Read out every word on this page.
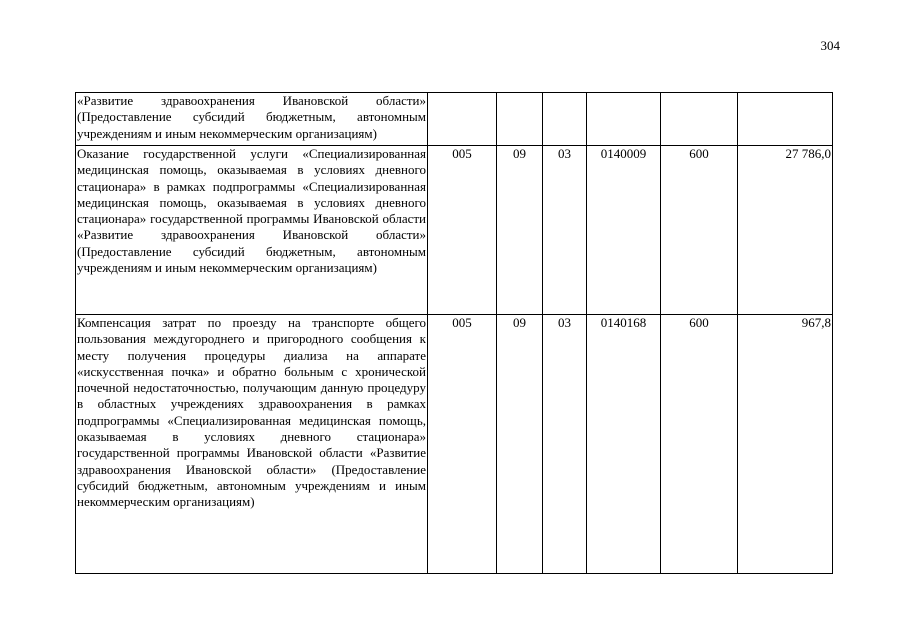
304
«Развитие здравоохранения Ивановской области» (Предоставление субсидий бюджетным, автономным учреждениям и иным некоммерческим организациям)						
Оказание государственной услуги «Специализированная медицинская помощь, оказываемая в условиях дневного стационара» в рамках подпрограммы «Специализированная медицинская помощь, оказываемая в условиях дневного стационара» государственной программы Ивановской области «Развитие здравоохранения Ивановской области» (Предоставление субсидий бюджетным, автономным учреждениям и иным некоммерческим организациям)	005	09	03	0140009	600	27 786,0
Компенсация затрат по проезду на транспорте общего пользования междугороднего и пригородного сообщения к месту получения процедуры диализа на аппарате «искусственная почка» и обратно больным с хронической почечной недостаточностью, получающим данную процедуру в областных учреждениях здравоохранения в рамках подпрограммы «Специализированная медицинская помощь, оказываемая в условиях дневного стационара» государственной программы Ивановской области «Развитие здравоохранения Ивановской области» (Предоставление субсидий бюджетным, автономным учреждениям и иным некоммерческим организациям)	005	09	03	0140168	600	967,8
